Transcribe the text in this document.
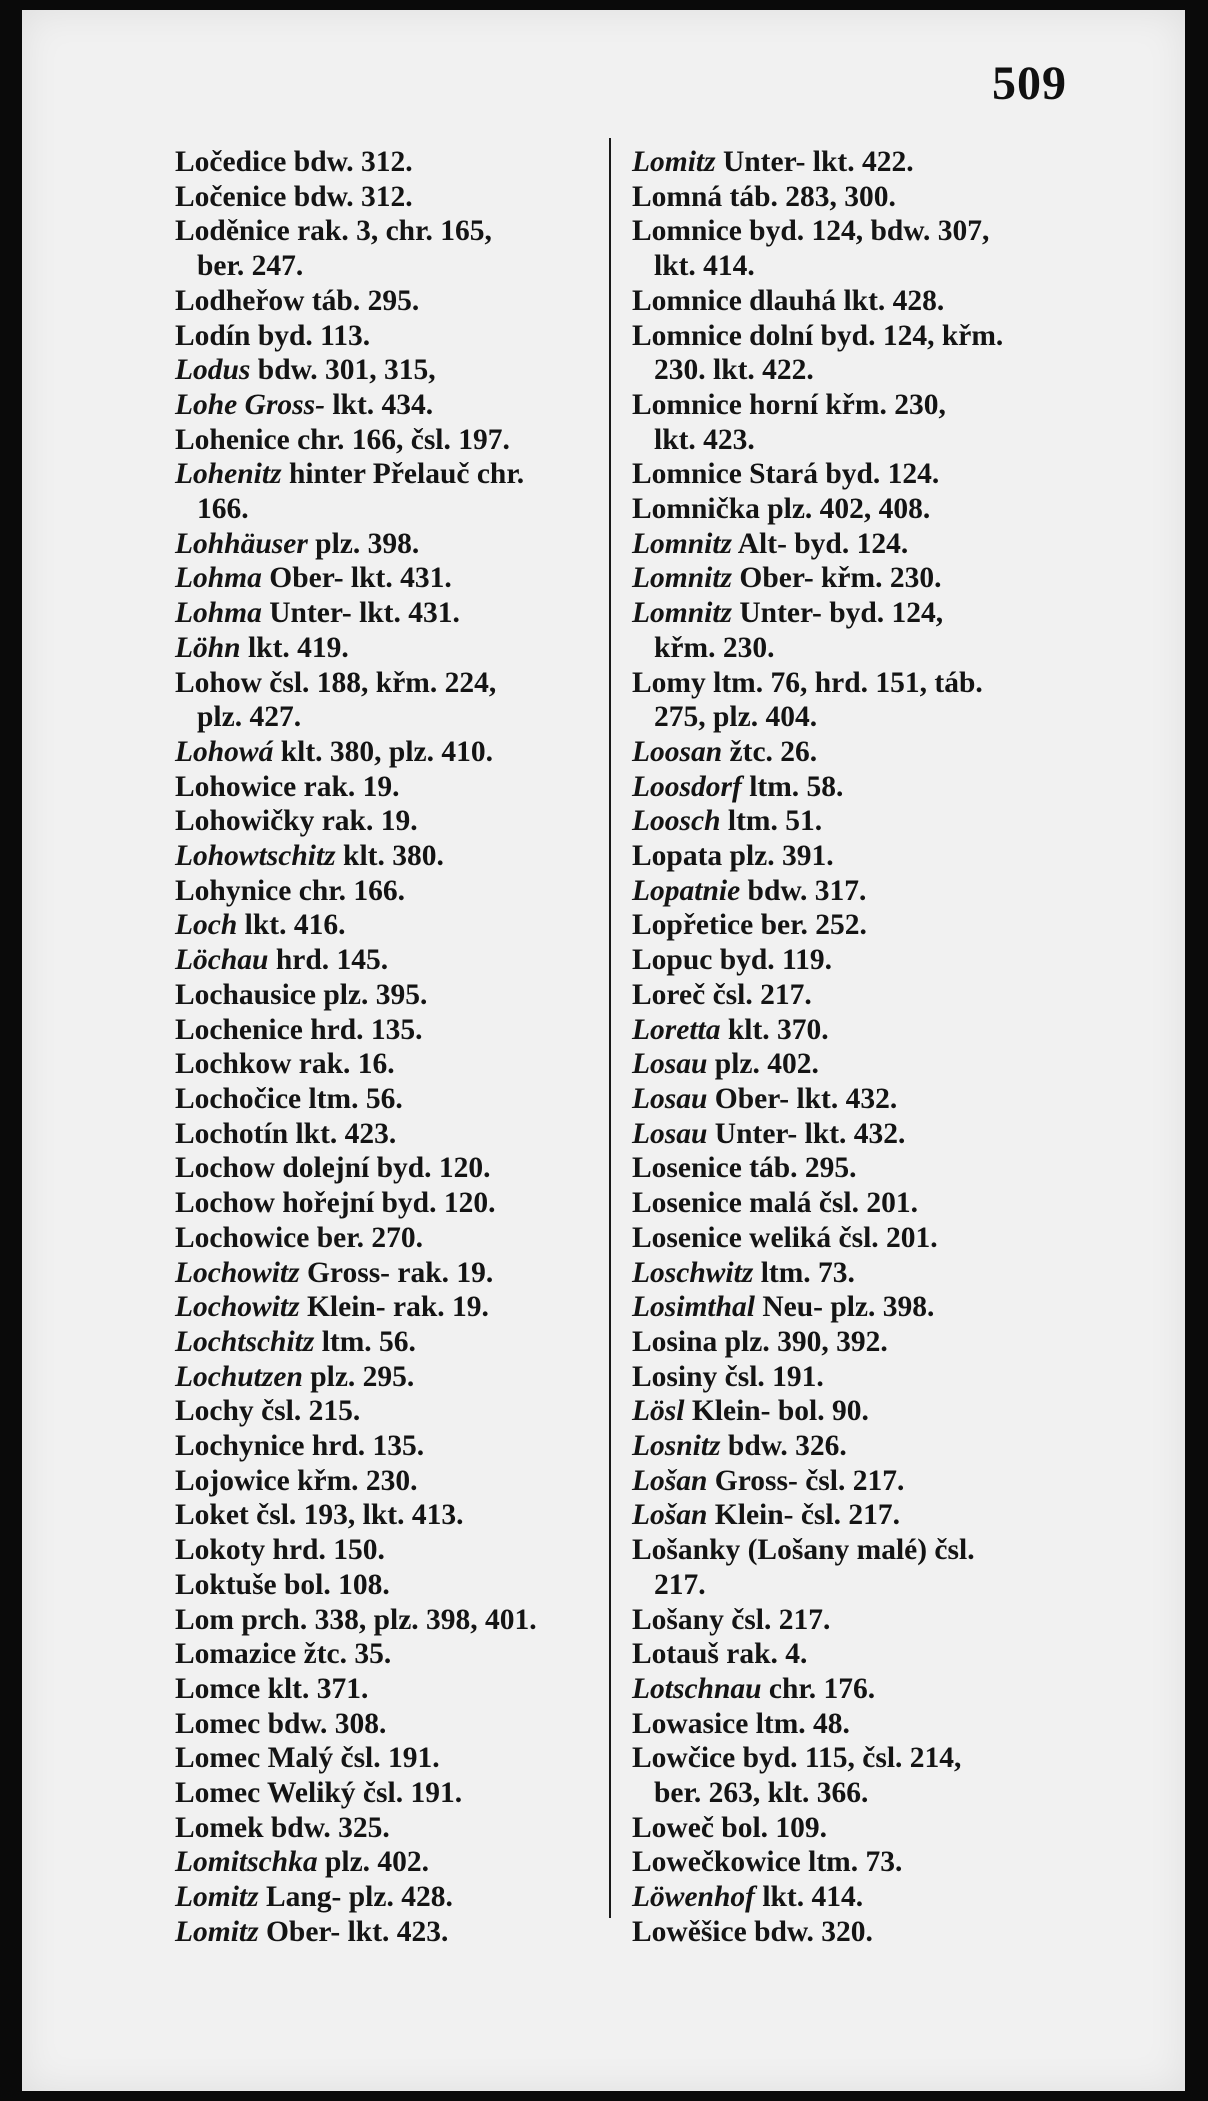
509
Ločedice bdw. 312.
Ločenice bdw. 312.
Loděnice rak. 3, chr. 165,
ber. 247.
Lodheřow táb. 295.
Lodín byd. 113.
Lodus bdw. 301, 315,
Lohe Gross- lkt. 434.
Lohenice chr. 166, čsl. 197.
Lohenitz hinter Přelauč chr.
166.
Lohhäuser plz. 398.
Lohma Ober- lkt. 431.
Lohma Unter- lkt. 431.
Löhn lkt. 419.
Lohow čsl. 188, křm. 224,
plz. 427.
Lohowá klt. 380, plz. 410.
Lohowice rak. 19.
Lohowičky rak. 19.
Lohowtschitz klt. 380.
Lohynice chr. 166.
Loch lkt. 416.
Löchau hrd. 145.
Lochausice plz. 395.
Lochenice hrd. 135.
Lochkow rak. 16.
Lochočice ltm. 56.
Lochotín lkt. 423.
Lochow dolejní byd. 120.
Lochow hořejní byd. 120.
Lochowice ber. 270.
Lochowitz Gross- rak. 19.
Lochowitz Klein- rak. 19.
Lochtschitz ltm. 56.
Lochutzen plz. 295.
Lochy čsl. 215.
Lochynice hrd. 135.
Lojowice křm. 230.
Loket čsl. 193, lkt. 413.
Lokoty hrd. 150.
Loktuše bol. 108.
Lom prch. 338, plz. 398, 401.
Lomazice žtc. 35.
Lomce klt. 371.
Lomec bdw. 308.
Lomec Malý čsl. 191.
Lomec Weliký čsl. 191.
Lomek bdw. 325.
Lomitschka plz. 402.
Lomitz Lang- plz. 428.
Lomitz Ober- lkt. 423.
Lomitz Unter- lkt. 422.
Lomná táb. 283, 300.
Lomnice byd. 124, bdw. 307,
lkt. 414.
Lomnice dlauhá lkt. 428.
Lomnice dolní byd. 124, křm.
230. lkt. 422.
Lomnice horní křm. 230,
lkt. 423.
Lomnice Stará byd. 124.
Lomnička plz. 402, 408.
Lomnitz Alt- byd. 124.
Lomnitz Ober- křm. 230.
Lomnitz Unter- byd. 124,
křm. 230.
Lomy ltm. 76, hrd. 151, táb.
275, plz. 404.
Loosan žtc. 26.
Loosdorf ltm. 58.
Loosch ltm. 51.
Lopata plz. 391.
Lopatnie bdw. 317.
Lopřetice ber. 252.
Lopuc byd. 119.
Loreč čsl. 217.
Loretta klt. 370.
Losau plz. 402.
Losau Ober- lkt. 432.
Losau Unter- lkt. 432.
Losenice táb. 295.
Losenice malá čsl. 201.
Losenice weliká čsl. 201.
Loschwitz ltm. 73.
Losimthal Neu- plz. 398.
Losina plz. 390, 392.
Losiny čsl. 191.
Lösl Klein- bol. 90.
Losnitz bdw. 326.
Lošan Gross- čsl. 217.
Lošan Klein- čsl. 217.
Lošanky (Lošany malé) čsl.
217.
Lošany čsl. 217.
Lotauš rak. 4.
Lotschnau chr. 176.
Lowasice ltm. 48.
Lowčice byd. 115, čsl. 214,
ber. 263, klt. 366.
Loweč bol. 109.
Lowečkowice ltm. 73.
Löwenhof lkt. 414.
Lowěšice bdw. 320.
